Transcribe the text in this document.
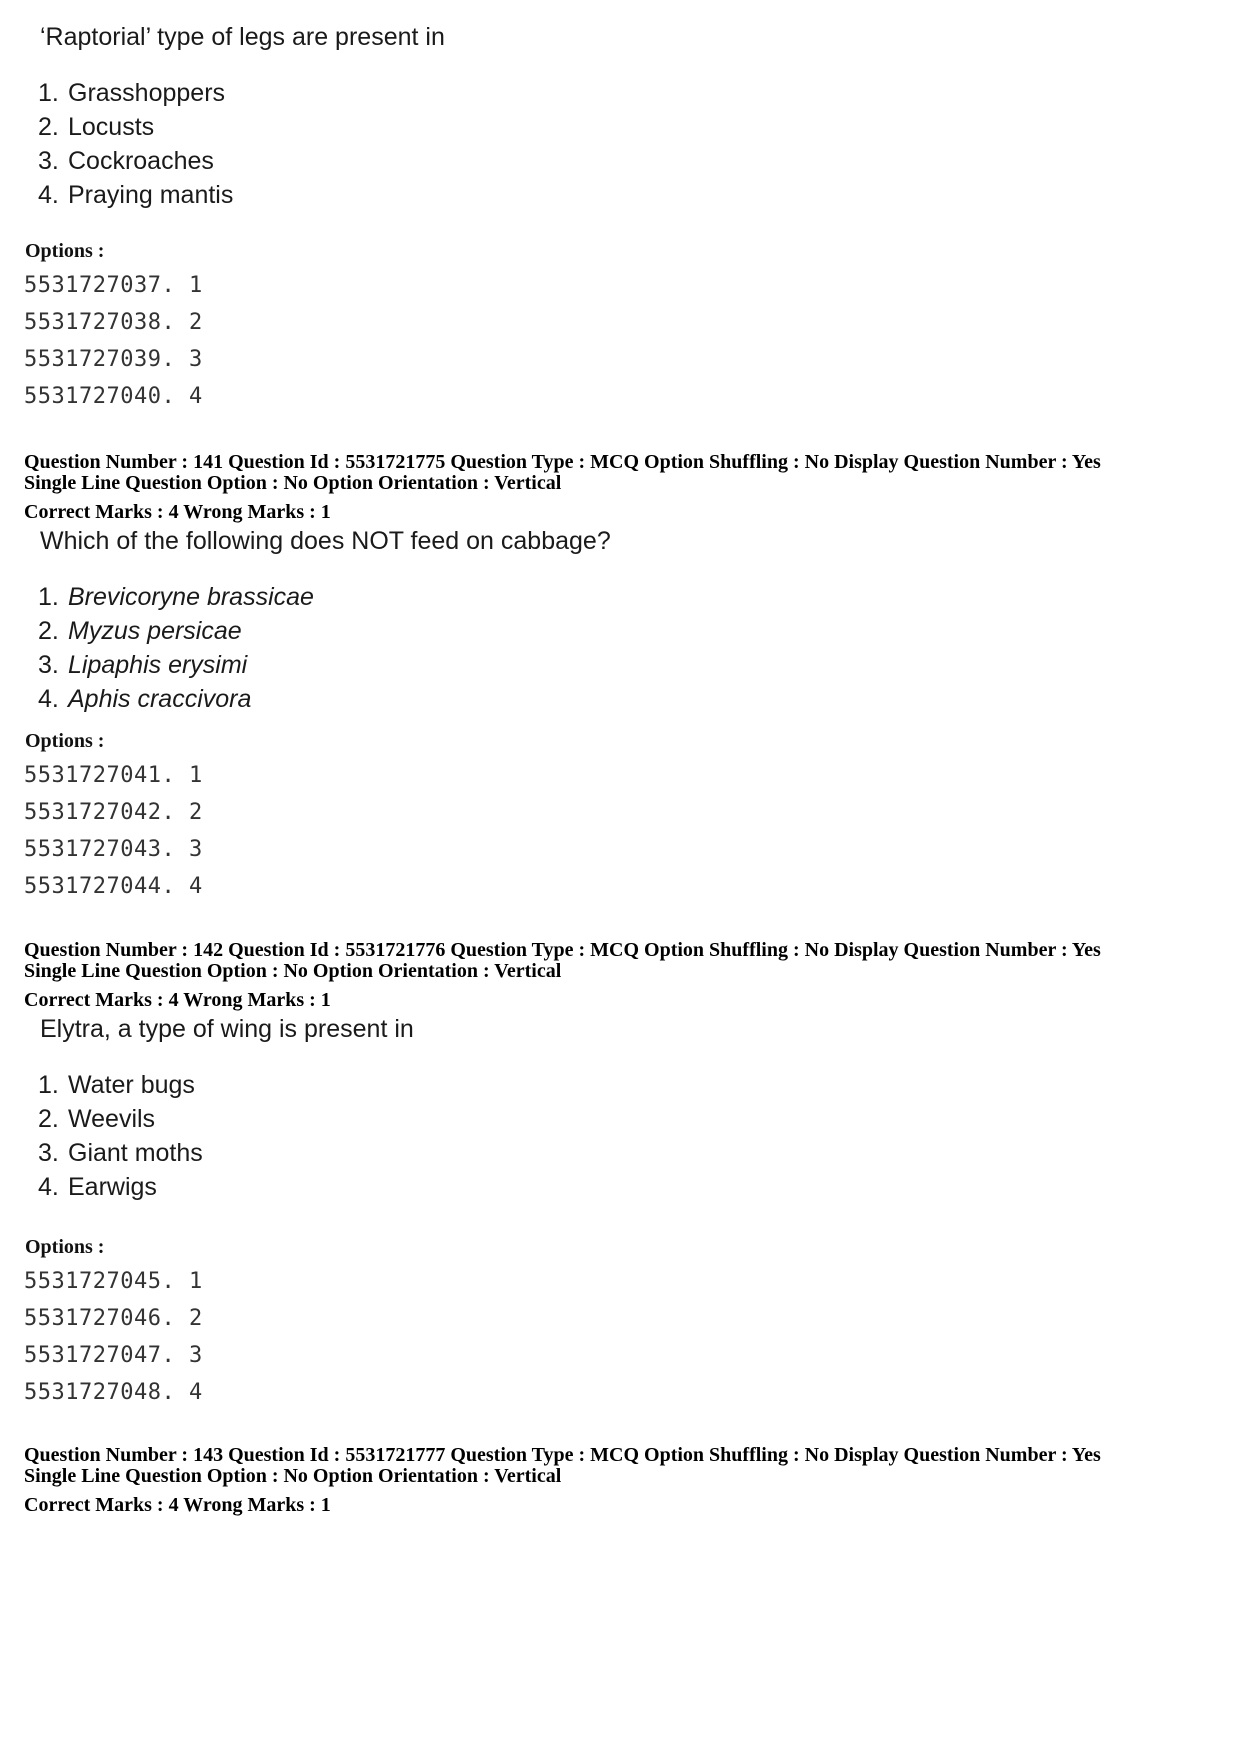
‘Raptorial’ type of legs are present in
1. Grasshoppers
2. Locusts
3. Cockroaches
4. Praying mantis
Options :
5531727037. 1
5531727038. 2
5531727039. 3
5531727040. 4
Question Number : 141 Question Id : 5531721775 Question Type : MCQ Option Shuffling : No Display Question Number : Yes
Single Line Question Option : No Option Orientation : Vertical
Correct Marks : 4 Wrong Marks : 1
Which of the following does NOT feed on cabbage?
1. Brevicoryne brassicae
2. Myzus persicae
3. Lipaphis erysimi
4. Aphis craccivora
Options :
5531727041. 1
5531727042. 2
5531727043. 3
5531727044. 4
Question Number : 142 Question Id : 5531721776 Question Type : MCQ Option Shuffling : No Display Question Number : Yes
Single Line Question Option : No Option Orientation : Vertical
Correct Marks : 4 Wrong Marks : 1
Elytra, a type of wing is present in
1. Water bugs
2. Weevils
3. Giant moths
4. Earwigs
Options :
5531727045. 1
5531727046. 2
5531727047. 3
5531727048. 4
Question Number : 143 Question Id : 5531721777 Question Type : MCQ Option Shuffling : No Display Question Number : Yes
Single Line Question Option : No Option Orientation : Vertical
Correct Marks : 4 Wrong Marks : 1
